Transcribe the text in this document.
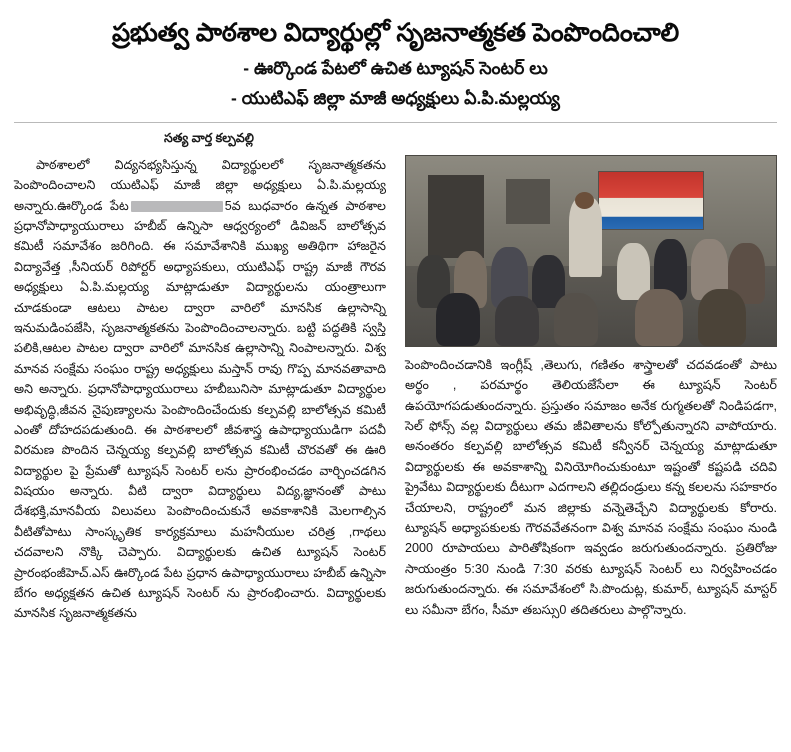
ప్రభుత్వ పాఠశాల విద్యార్థుల్లో సృజనాత్మకత పెంపొందించాలి
- ఊర్కొండ పేటలో ఉచిత ట్యూషన్ సెంటర్ లు
- యుటిఎఫ్ జిల్లా మాజీ అధ్యక్షులు ఏ.పి.మల్లయ్య
సత్య వార్త కల్పవల్లి

పాఠశాలలో విద్యనభ్యసిస్తున్న విద్యార్థులలో సృజనాత్మకతను పెంపొందించాలని యుటిఎఫ్ మాజీ జిల్లా అధ్యక్షులు ఏ.పి.మల్లయ్య అన్నారు.ఊర్కొండ పేట	5వ బుధవారం ఉన్నత పాఠశాల ప్రధానోపాధ్యాయురాలు హబీబ్ ఉన్నిసా ఆధ్వర్యంలో డివిజన్ బాలోత్సవ కమిటీ సమావేశం జరిగింది. ఈ సమావేశానికి ముఖ్య అతిథిగా హాజరైన విద్యావేత్త ,సీనియర్ రిపోర్టర్ అధ్యాపకులు, యుటిఎఫ్ రాష్ట్ర మాజీ గౌరవ అధ్యక్షులు ఏ.పి.మల్లయ్య మాట్లాడుతూ విద్యార్థులను యంత్రాలుగా చూడకుండా ఆటలు పాటల ద్వారా వారిలో మానసిక ఉల్లాసాన్ని ఇనుమడింపజేసి, సృజనాత్మకతను పెంపొందించాలన్నారు. బట్టి పద్ధతికి స్వస్తి పలికి,ఆటల పాటల ద్వారా వారిలో మానసిక ఉల్లాసాన్ని నింపాలన్నారు. విశ్వ మానవ సంక్షేమ సంఘం రాష్ట్ర అధ్యక్షులు మస్తాన్ రావు గొప్ప మానవతావాది అని అన్నారు. ప్రధానోపాధ్యాయురాలు హబీబునిసా మాట్లాడుతూ విద్యార్థుల అభివృద్ధి,జీవన నైపుణ్యాలను పెంపొందించేందుకు కల్పవల్లి బాలోత్సవ కమిటీ ఎంతో దోహదపడుతుంది. ఈ పాఠశాలలో జీవశాస్త్ర ఉపాధ్యాయుడిగా పదవీ విరమణ పొందిన చెన్నయ్య కల్పవల్లి బాలోత్సవ కమిటీ చొరవతో ఈ ఊరి విద్యార్థుల పై ప్రేమతో ట్యూషన్ సెంటర్ లను ప్రారంభించడం వార్చించడగిన విషయం అన్నారు. వీటి ద్వారా విద్యార్థులు విద్య,జ్ఞానంతో పాటు దేశభక్తి,మానవీయ విలువలు పెంపొందించుకునే అవకాశానికి మెలగాల్సిన వీటితోపాటు సాంస్కృతిక కార్యక్రమాలు మహనీయుల చరిత్ర ,గాథలు చదవాలని నొక్కి చెప్పారు. విద్యార్థులకు ఉచిత ట్యూషన్ సెంటర్ ప్రారంభంజీహెచ్.ఎస్ ఊర్కొండ పేట ప్రధాన ఉపాధ్యాయురాలు హబీబ్ ఉన్నిసా బేగం అధ్యక్షతన ఉచిత ట్యూషన్ సెంటర్ ను ప్రారంభించారు. విద్యార్థులకు మానసిక సృజనాత్మకతను

పెంపొందించడానికి ఇంగ్లీష్ ,తెలుగు, గణితం శాస్త్రాలతో చదవడంతో పాటు అర్థం , పరమార్థం తెలియజేసేలా ఈ ట్యూషన్ సెంటర్ ఉపయోగపడుతుందన్నారు. ప్రస్తుతం సమాజం అనేక రుగ్మతలతో నిండిపడగా, సెల్ ఫోన్స్ వల్ల విద్యార్థులు తమ జీవితాలను కోల్పోతున్నారని వాపోయారు. అనంతరం కల్పవల్లి బాలోత్సవ కమిటీ కన్వీనర్ చెన్నయ్య మాట్లాడుతూ విద్యార్థులకు ఈ అవకాశాన్ని వినియోగించుకుంటూ ఇష్టంతో కష్టపడి చదివి ప్రైవేటు విద్యార్థులకు దీటుగా ఎదగాలని తల్లిదండ్రులు కన్న కలలను సహకారం చేయాలని, రాష్ట్రంలో మన జిల్లాకు వన్నెతెచ్చేని విద్యార్థులకు కోరారు. ట్యూషన్ అధ్యాపకులకు గౌరవవేతనంగా విశ్వ మానవ సంక్షేమ సంఘం నుండి 2000 రూపాయలు పారితోషికంగా ఇవ్వడం జరుగుతుందన్నారు. ప్రతిరోజు సాయంత్రం 5:30 నుండి 7:30 వరకు ట్యూషన్ సెంటర్ లు నిర్వహించడం జరుగుతుందన్నారు. ఈ సమావేశంలో సి.పొందుట్ల, కుమార్, ట్యూషన్ మాస్టర్ లు సమీనా బేగం, సీమా తబస్సు0 తదితరులు పాల్గొన్నారు.
